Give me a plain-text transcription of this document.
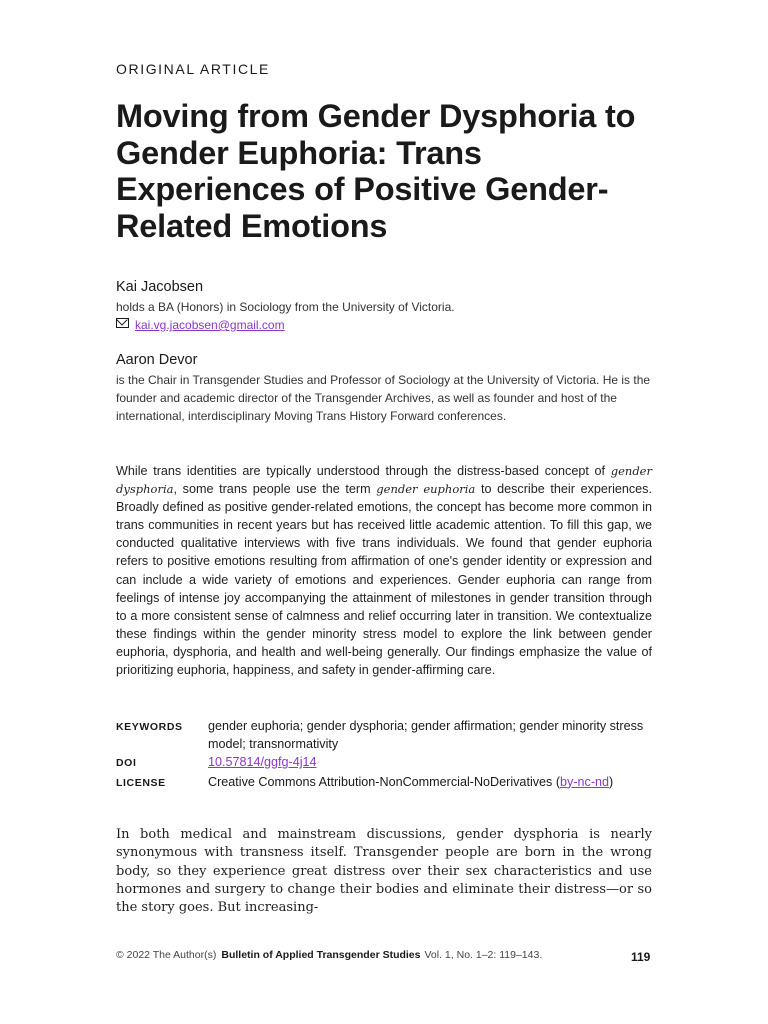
ORIGINAL ARTICLE
Moving from Gender Dysphoria to Gender Euphoria: Trans Experiences of Positive Gender-Related Emotions
Kai Jacobsen
holds a BA (Honors) in Sociology from the University of Victoria.
kai.vg.jacobsen@gmail.com
Aaron Devor
is the Chair in Transgender Studies and Professor of Sociology at the University of Victoria. He is the founder and academic director of the Transgender Archives, as well as founder and host of the international, interdisciplinary Moving Trans History Forward conferences.

While trans identities are typically understood through the distress-based concept of gender dysphoria, some trans people use the term gender euphoria to describe their experiences. Broadly defined as positive gender-related emotions, the concept has become more common in trans communities in recent years but has received little academic attention. To fill this gap, we conducted qualitative interviews with five trans individuals. We found that gender euphoria refers to positive emotions resulting from affirmation of one's gender identity or expression and can include a wide variety of emotions and experiences. Gender euphoria can range from feelings of intense joy accompanying the attainment of milestones in gender transition through to a more consistent sense of calmness and relief occurring later in transition. We contextualize these findings within the gender minority stress model to explore the link between gender euphoria, dysphoria, and health and well-being generally. Our findings emphasize the value of prioritizing euphoria, happiness, and safety in gender-affirming care.

KEYWORDS	gender euphoria; gender dysphoria; gender affirmation; gender minority stress model; transnormativity
DOI	10.57814/ggfg-4j14
LICENSE	Creative Commons Attribution-NonCommercial-NoDerivatives (by-nc-nd)

In both medical and mainstream discussions, gender dysphoria is nearly synonymous with transness itself. Transgender people are born in the wrong body, so they experience great distress over their sex characteristics and use hormones and surgery to change their bodies and eliminate their distress—or so the story goes. But increasing-

© 2022 The Author(s) Bulletin of Applied Transgender Studies Vol. 1, No. 1–2: 119–143.	119
